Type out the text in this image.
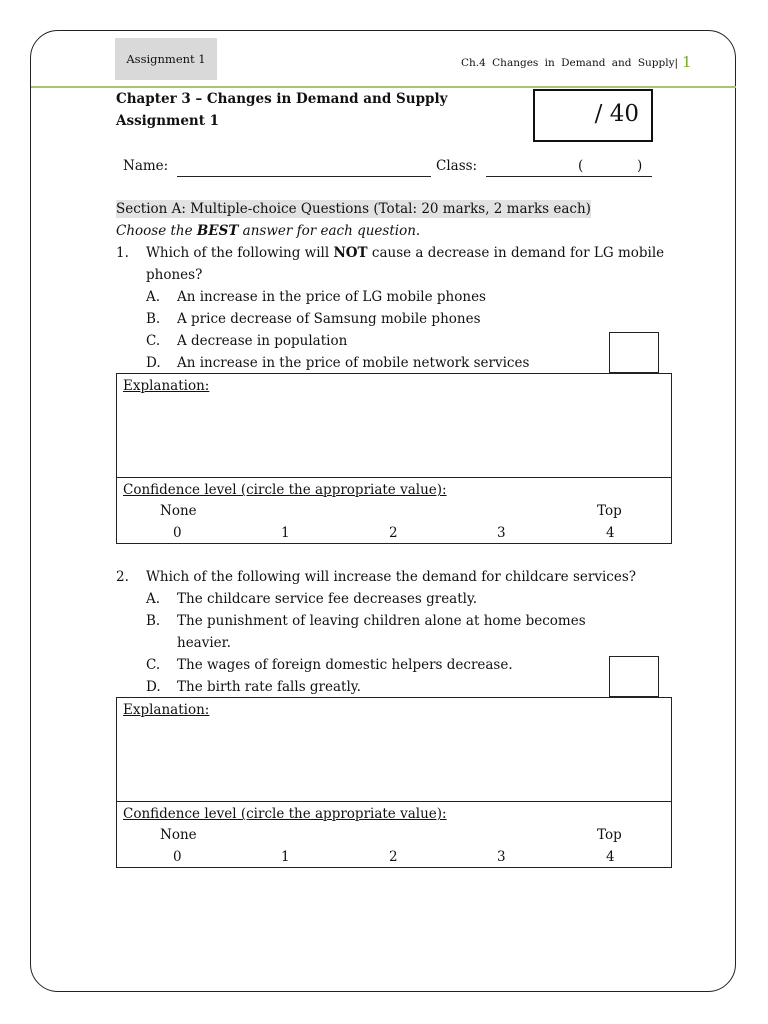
Assignment 1	Ch.4 Changes in Demand and Supply| 1
Chapter 3 – Changes in Demand and Supply
Assignment 1	/ 40
Name:	Class:	(	)
Section A: Multiple-choice Questions (Total: 20 marks, 2 marks each)
Choose the BEST answer for each question.
1. Which of the following will NOT cause a decrease in demand for LG mobile
phones?
A. An increase in the price of LG mobile phones
B. A price decrease of Samsung mobile phones
C. A decrease in population
D. An increase in the price of mobile network services
Explanation:
Confidence level (circle the appropriate value):
None	Top
0	1	2	3	4
2. Which of the following will increase the demand for childcare services?
A. The childcare service fee decreases greatly.
B. The punishment of leaving children alone at home becomes
heavier.
C. The wages of foreign domestic helpers decrease.
D. The birth rate falls greatly.
Explanation:
Confidence level (circle the appropriate value):
None	Top
0	1	2	3	4
